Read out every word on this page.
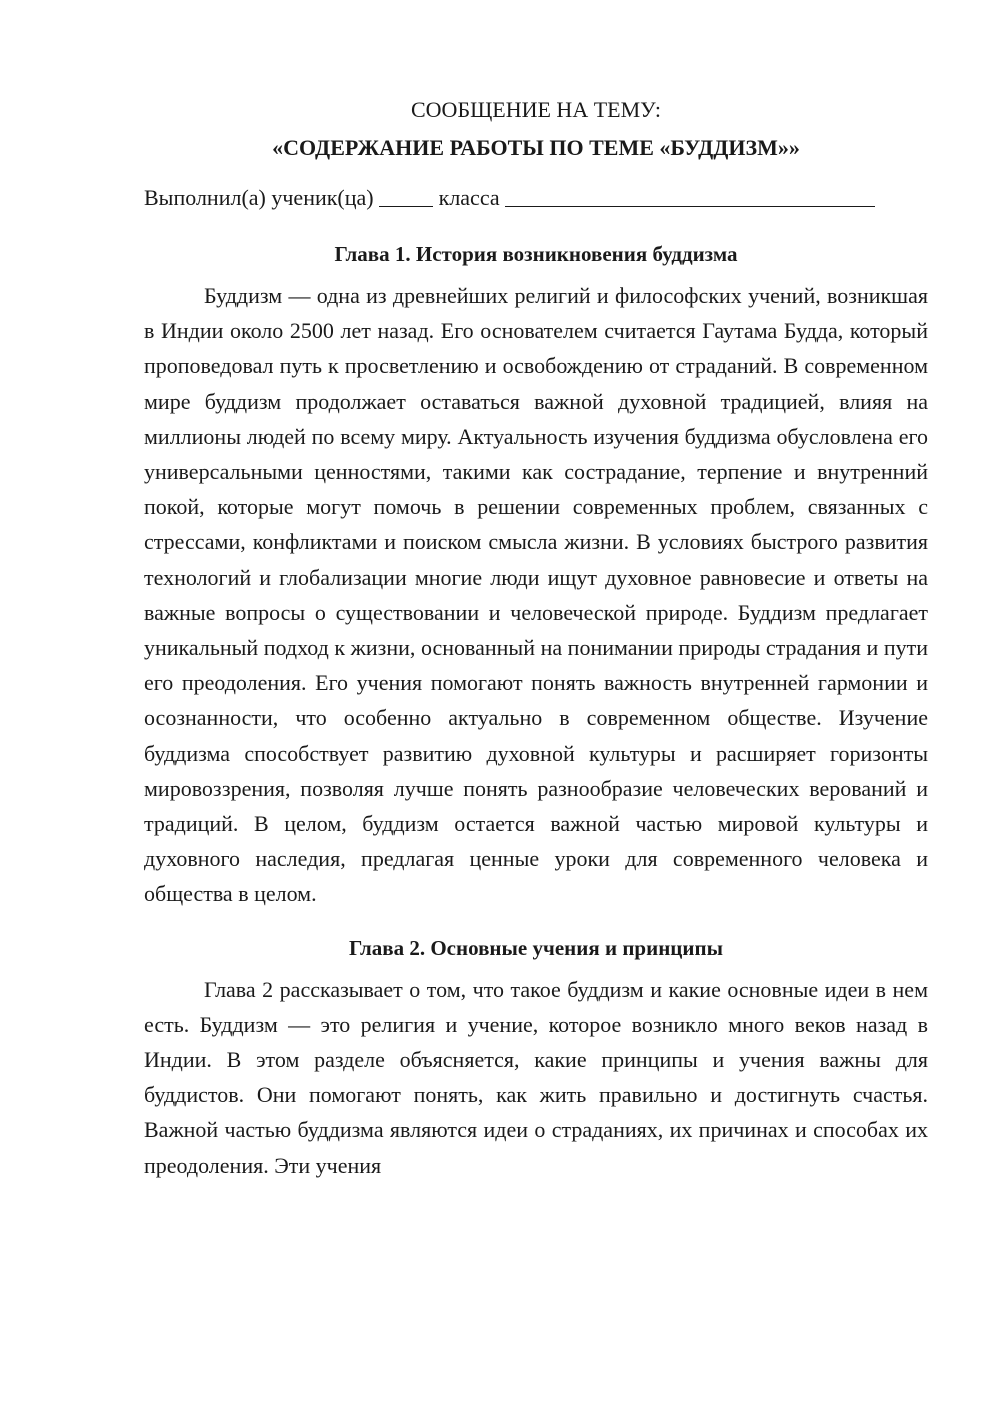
СООБЩЕНИЕ НА ТЕМУ:

«СОДЕРЖАНИЕ РАБОТЫ ПО ТЕМЕ «БУДДИЗМ»»

Выполнил(а) ученик(ца)	класса
Глава 1. История возникновения буддизма

Буддизм — одна из древнейших религий и философских учений, возникшая в Индии около 2500 лет назад. Его основателем считается Гаутама Будда, который проповедовал путь к просветлению и освобождению от страданий. В современном мире буддизм продолжает оставаться важной духовной традицией, влияя на миллионы людей по всему миру. Актуальность изучения буддизма обусловлена его универсальными ценностями, такими как сострадание, терпение и внутренний покой, которые могут помочь в решении современных проблем, связанных с стрессами, конфликтами и поиском смысла жизни. В условиях быстрого развития технологий и глобализации многие люди ищут духовное равновесие и ответы на важные вопросы о существовании и человеческой природе. Буддизм предлагает уникальный подход к жизни, основанный на понимании природы страдания и пути его преодоления. Его учения помогают понять важность внутренней гармонии и осознанности, что особенно актуально в современном обществе. Изучение буддизма способствует развитию духовной культуры и расширяет горизонты мировоззрения, позволяя лучше понять разнообразие человеческих верований и традиций. В целом, буддизм остается важной частью мировой культуры и духовного наследия, предлагая ценные уроки для современного человека и общества в целом.

Глава 2. Основные учения и принципы

Глава 2 рассказывает о том, что такое буддизм и какие основные идеи в нем есть. Буддизм — это религия и учение, которое возникло много веков назад в Индии. В этом разделе объясняется, какие принципы и учения важны для буддистов. Они помогают понять, как жить правильно и достигнуть счастья. Важной частью буддизма являются идеи о страданиях, их причинах и способах их преодоления. Эти учения
